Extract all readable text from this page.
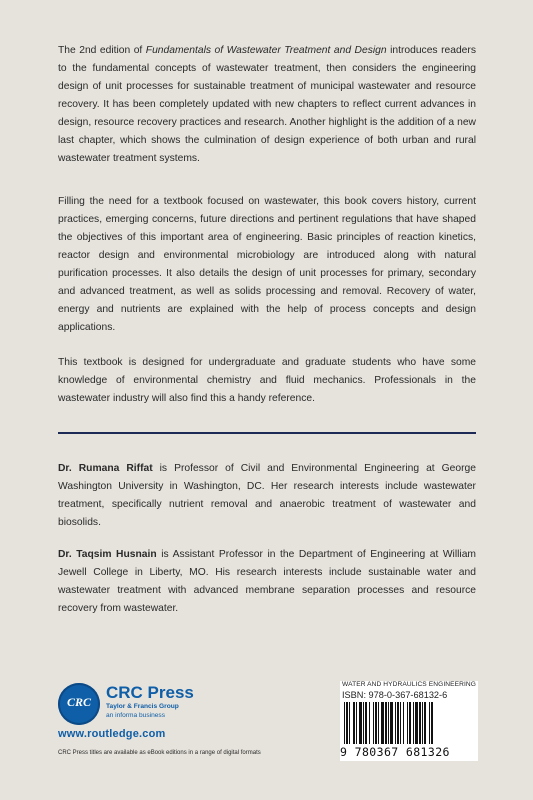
The 2nd edition of Fundamentals of Wastewater Treatment and Design introduces readers to the fundamental concepts of wastewater treatment, then considers the engineering design of unit processes for sustainable treatment of municipal wastewater and resource recovery. It has been completely updated with new chapters to reflect current advances in design, resource recovery practices and research. Another highlight is the addition of a new last chapter, which shows the culmination of design experience of both urban and rural wastewater treatment systems.

Filling the need for a textbook focused on wastewater, this book covers history, current practices, emerging concerns, future directions and pertinent regulations that have shaped the objectives of this important area of engineering. Basic principles of reaction kinetics, reactor design and environmental microbiology are introduced along with natural purification processes. It also details the design of unit processes for primary, secondary and advanced treatment, as well as solids processing and removal. Recovery of water, energy and nutrients are explained with the help of process concepts and design applications.

This textbook is designed for undergraduate and graduate students who have some knowledge of environmental chemistry and fluid mechanics. Professionals in the wastewater industry will also find this a handy reference.

Dr. Rumana Riffat is Professor of Civil and Environmental Engineering at George Washington University in Washington, DC. Her research interests include wastewater treatment, specifically nutrient removal and anaerobic treatment of wastewater and biosolids.

Dr. Taqsim Husnain is Assistant Professor in the Department of Engineering at William Jewell College in Liberty, MO. His research interests include sustainable water and wastewater treatment with advanced membrane separation processes and resource recovery from wastewater.

CRC CRC Press
Taylor & Francis Group
an informa business
www.routledge.com
CRC Press titles are available as eBook editions in a range of digital formats
WATER AND HYDRAULICS ENGINEERING
ISBN: 978-0-367-68132-6
9 780367 681326
